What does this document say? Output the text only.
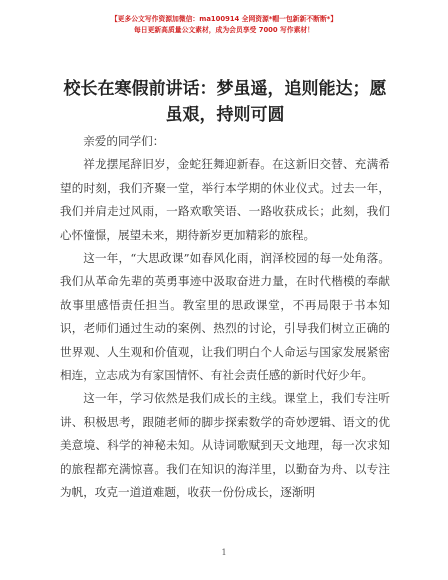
【更多公文写作资源加微信：ma100914 全网资源*帽一包新新不断断*】
每日更新高质量公文素材，成为会员享受 7000 写作素材！
校长在寒假前讲话：梦虽遥，追则能达；愿虽艰，持则可圆

亲爱的同学们：

祥龙摆尾辞旧岁，金蛇狂舞迎新春。在这新旧交替、充满希望的时刻，我们齐聚一堂，举行本学期的休业仪式。过去一年，我们并肩走过风雨，一路欢歌笑语、一路收获成长；此刻，我们心怀憧憬，展望未来，期待新岁更加精彩的旅程。

这一年，“大思政课”如春风化雨，润泽校园的每一处角落。我们从革命先辈的英勇事迹中汲取奋进力量，在时代楷模的奉献故事里感悟责任担当。教室里的思政课堂，不再局限于书本知识，老师们通过生动的案例、热烈的讨论，引导我们树立正确的世界观、人生观和价值观，让我们明白个人命运与国家发展紧密相连，立志成为有家国情怀、有社会责任感的新时代好少年。

这一年，学习依然是我们成长的主线。课堂上，我们专注听讲、积极思考，跟随老师的脚步探索数学的奇妙逻辑、语文的优美意境、科学的神秘未知。从诗词歌赋到天文地理，每一次求知的旅程都充满惊喜。我们在知识的海洋里，以勤奋为舟、以专注为帆，攻克一道道难题，收获一份份成长，逐渐明

1
